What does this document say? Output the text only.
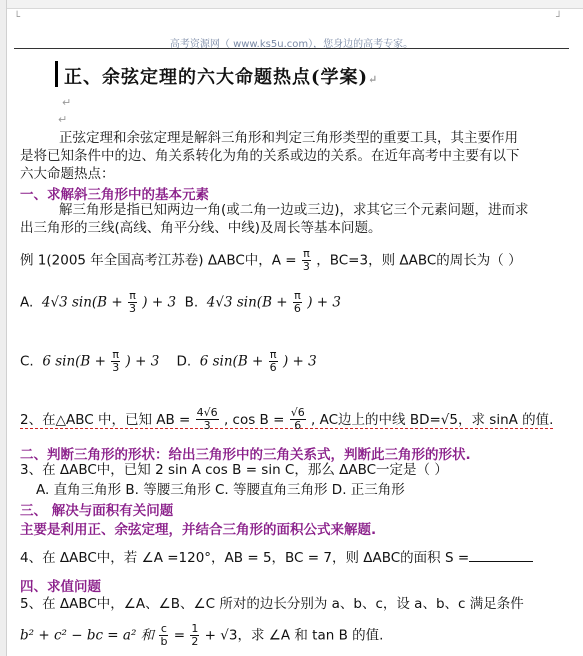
└	┘
高考资源网（ www.ks5u.com），您身边的高考专家。
正、余弦定理的六大命题热点(学案)↵
↵
↵
正弦定理和余弦定理是解斜三角形和判定三角形类型的重要工具，其主要作用
是将已知条件中的边、角关系转化为角的关系或边的关系。在近年高考中主要有以下
六大命题热点：
一、求解斜三角形中的基本元素
解三角形是指已知两边一角(或二角一边或三边)，求其它三个元素问题，进而求
出三角形的三线(高线、角平分线、中线)及周长等基本问题。
例 1(2005 年全国高考江苏卷) ΔABC中，$A = \frac{\pi}{3}$ ，BC=3，则 ΔABC的周长为（ ）
A. 4√3 $\sin(B + \frac{\pi}{3}$ ) + 3 B. 4√3 $\sin(B + \frac{\pi}{6}$ ) + 3
C. 6 $\sin(B + \frac{\pi}{3}$ ) + 3 D. 6 $\sin(B + \frac{\pi}{6}$ ) + 3
2、在△ABC 中，已知 AB = $\frac{4√6}{3}$ , $\cos B = \frac{√6}{6}$ , AC边上的中线 BD=√5，求 sinA 的值.
二、判断三角形的形状：给出三角形中的三角关系式，判断此三角形的形状.
3、在 ΔABC中，已知 2 sin A cos B = sin C，那么 ΔABC一定是（ ）
A. 直角三角形 B. 等腰三角形 C. 等腰直角三角形 D. 正三角形
三、 解决与面积有关问题
主要是利用正、余弦定理，并结合三角形的面积公式来解题.
4、在 ΔABC中，若 ∠A =120°，AB = 5，BC = 7，则 ΔABC的面积 S =
四、求值问题
5、在 ΔABC中，∠A、∠B、∠C 所对的边长分别为 a、b、c，设 a、b、c 满足条件
b² + c² − bc = a² 和 $\frac{c}{b} = \frac{1}{2} + √3$，求 ∠A 和 tan B 的值.
